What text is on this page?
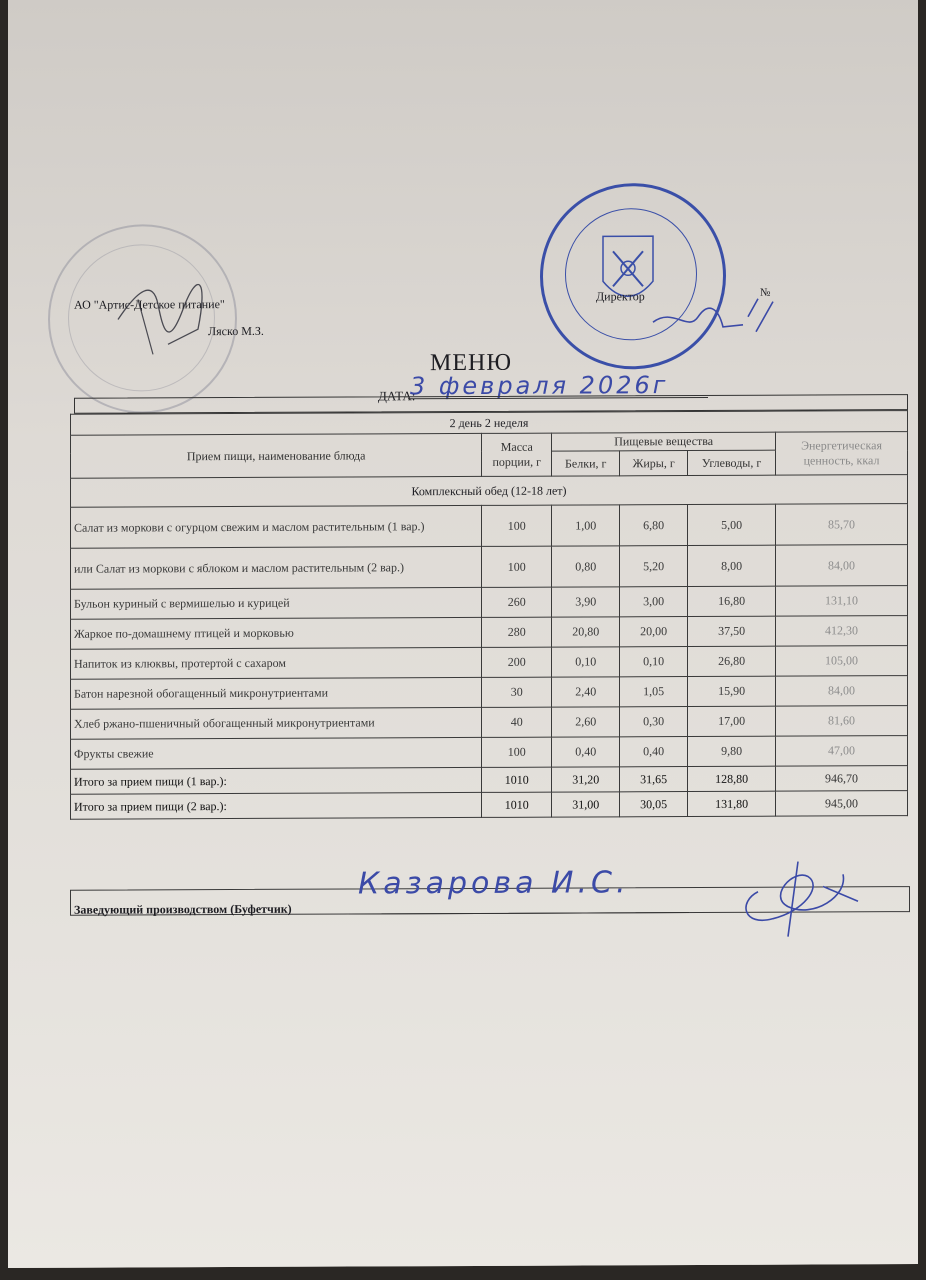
АО "Артис-Детское питание"
Ляско М.З.
Директор	№
МЕНЮ
ДАТА:
3 февраля 2026г
2 день 2 неделя					
Прием пищи, наименование блюда	Масса порции, г	Пищевые вещества			Энергетическая ценность, ккал
		Белки, г	Жиры, г	Углеводы, г	
Комплексный обед (12-18 лет)					
Салат из моркови с огурцом свежим и маслом растительным (1 вар.)	100	1,00	6,80	5,00	85,70
или Салат из моркови с яблоком и маслом растительным (2 вар.)	100	0,80	5,20	8,00	84,00
Бульон куриный с вермишелью и курицей	260	3,90	3,00	16,80	131,10
Жаркое по-домашнему птицей и морковью	280	20,80	20,00	37,50	412,30
Напиток из клюквы, протертой с сахаром	200	0,10	0,10	26,80	105,00
Батон нарезной обогащенный микронутриентами	30	2,40	1,05	15,90	84,00
Хлеб ржано-пшеничный обогащенный микронутриентами	40	2,60	0,30	17,00	81,60
Фрукты свежие	100	0,40	0,40	9,80	47,00
Итого за прием пищи (1 вар.):	1010	31,20	31,65	128,80	946,70
Итого за прием пищи (2 вар.):	1010	31,00	30,05	131,80	945,00
Заведующий производством (Буфетчик)
Казарова И.С.
